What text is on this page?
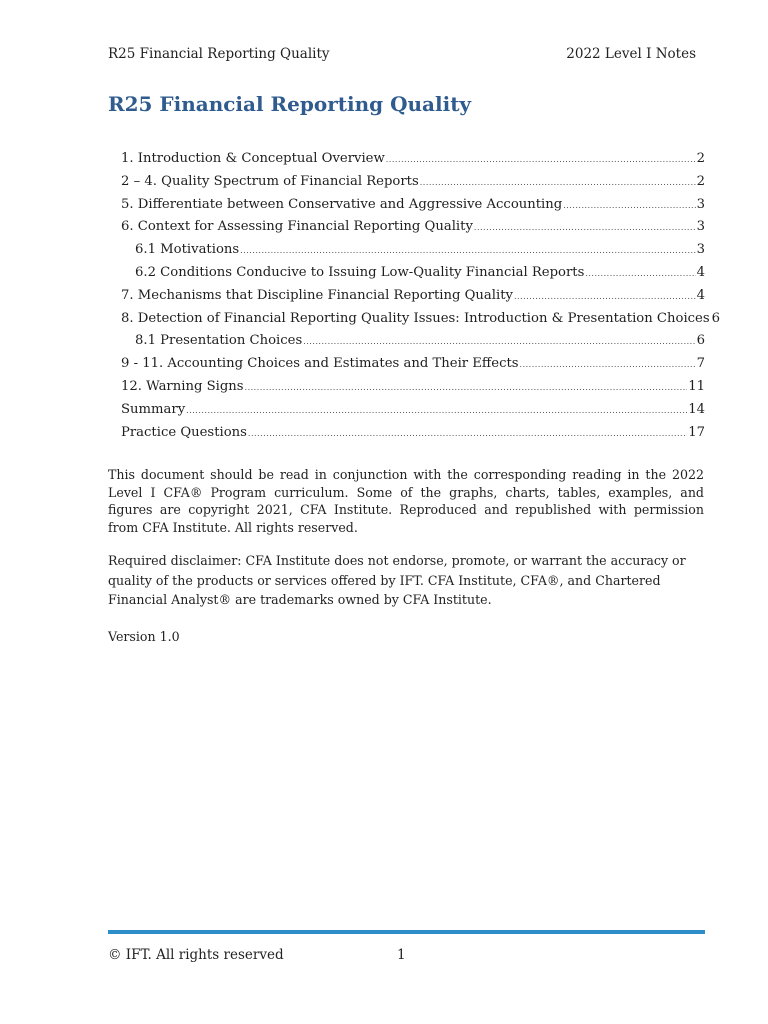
R25 Financial Reporting Quality	2022 Level I Notes
R25 Financial Reporting Quality
1. Introduction & Conceptual Overview .....	2
2 – 4. Quality Spectrum of Financial Reports .....	2
5. Differentiate between Conservative and Aggressive Accounting .....	3
6. Context for Assessing Financial Reporting Quality .....	3
6.1 Motivations .....	3
6.2 Conditions Conducive to Issuing Low-Quality Financial Reports .....	4
7. Mechanisms that Discipline Financial Reporting Quality .....	4
8. Detection of Financial Reporting Quality Issues: Introduction & Presentation Choices 6
8.1 Presentation Choices .....	6
9 - 11. Accounting Choices and Estimates and Their Effects .....	7
12. Warning Signs .....	11
Summary .....	14
Practice Questions .....	17

This document should be read in conjunction with the corresponding reading in the 2022 Level I CFA® Program curriculum. Some of the graphs, charts, tables, examples, and figures are copyright 2021, CFA Institute. Reproduced and republished with permission from CFA Institute. All rights reserved.

Required disclaimer: CFA Institute does not endorse, promote, or warrant the accuracy or quality of the products or services offered by IFT. CFA Institute, CFA®, and Chartered Financial Analyst® are trademarks owned by CFA Institute.

Version 1.0

© IFT. All rights reserved	1
